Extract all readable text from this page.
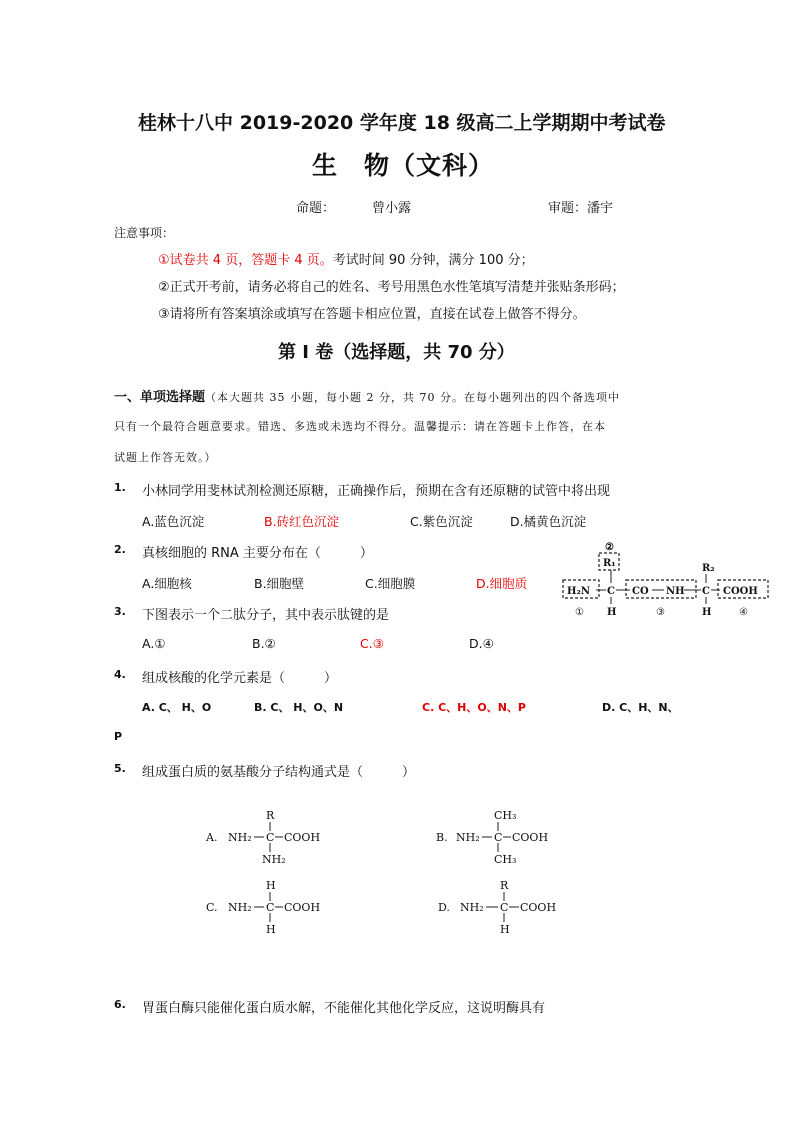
桂林十八中 2019-2020 学年度 18 级高二上学期期中考试卷
生　物（文科）
命题：	曾小露	审题：潘宇
注意事项：
①试卷共 4 页，答题卡 4 页。考试时间 90 分钟，满分 100 分；
②正式开考前，请务必将自己的姓名、考号用黑色水性笔填写清楚并张贴条形码；
③请将所有答案填涂或填写在答题卡相应位置，直接在试卷上做答不得分。
第 I 卷（选择题，共 70 分）
一、单项选择题（本大题共 35 小题，每小题 2 分，共 70 分。在每小题列出的四个备选项中
只有一个最符合题意要求。错选、多选或未选均不得分。温馨提示：请在答题卡上作答，在本
试题上作答无效。）
1. 小林同学用斐林试剂检测还原糖，正确操作后，预期在含有还原糖的试管中将出现
A.蓝色沉淀	B.砖红色沉淀	C.紫色沉淀	D.橘黄色沉淀
2. 真核细胞的 RNA 主要分布在（　　　）
A.细胞核	B.细胞壁	C.细胞膜	D.细胞质
②
R₁	R₂
H₂N C CO NH C COOH
H	H
①	③	④
3. 下图表示一个二肽分子，其中表示肽键的是
A.①	B.②	C.③	D.④
4. 组成核酸的化学元素是（　　　）
A. C、 H、O	B. C、 H、O、N	C. C、H、O、N、P	D. C、H、N、
P
5. 组成蛋白质的氨基酸分子结构通式是（　　　）
R
A. NH₂ C COOH
NH₂
CH₃
B. NH₂ C COOH
CH₃
H
C. NH₂ C COOH
H
R
D. NH₂ C COOH
H
6. 胃蛋白酶只能催化蛋白质水解，不能催化其他化学反应，这说明酶具有
